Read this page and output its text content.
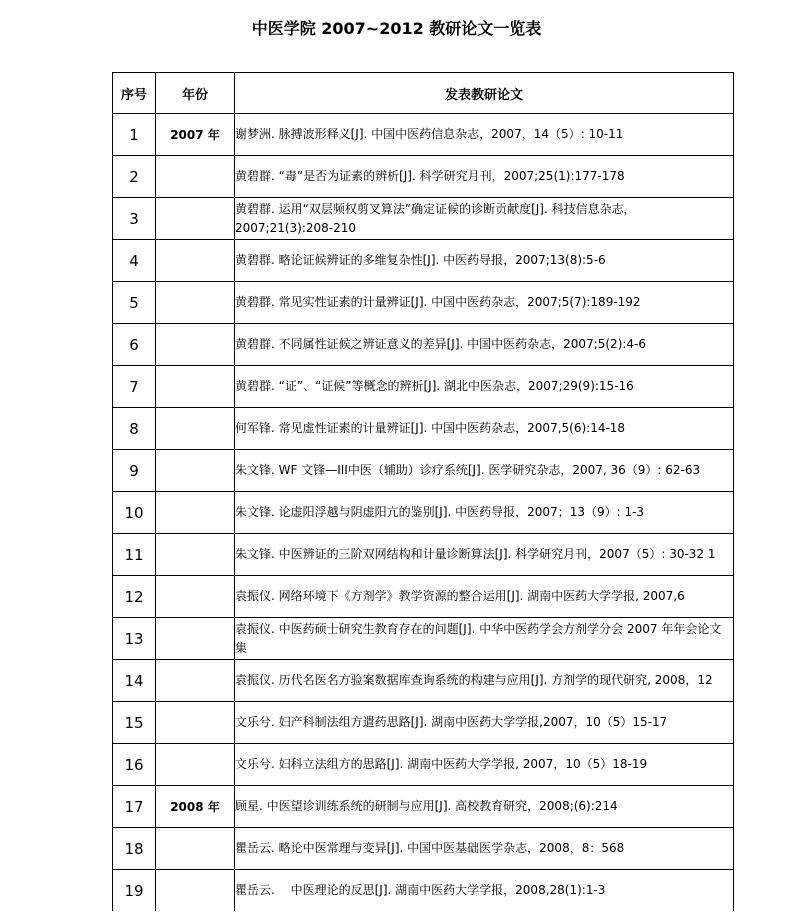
中医学院 2007~2012 教研论文一览表
序号	年份	发表教研论文
1	2007 年	谢梦洲. 脉搏波形释义[J]. 中国中医药信息杂志，2007，14（5）: 10-11
2		黄碧群. “毒”是否为证素的辨析[J]. 科学研究月刊，2007;25(1):177-178
3		黄碧群. 运用“双层频权剪叉算法”确定证候的诊断贡献度[J]. 科技信息杂志，2007;21(3):208-210
4		黄碧群. 略论证候辨证的多维复杂性[J]. 中医药导报，2007;13(8):5-6
5		黄碧群. 常见实性证素的计量辨证[J]. 中国中医药杂志，2007;5(7):189-192
6		黄碧群. 不同属性证候之辨证意义的差异[J]. 中国中医药杂志，2007;5(2):4-6
7		黄碧群. “证”、“证候”等概念的辨析[J]. 湖北中医杂志，2007;29(9):15-16
8		何军锋. 常见虚性证素的计量辨证[J]. 中国中医药杂志，2007,5(6):14-18
9		朱文锋. WF 文锋—III中医（辅助）诊疗系统[J]. 医学研究杂志，2007, 36（9）: 62-63
10		朱文锋. 论虚阳浮越与阴虚阳亢的鉴别[J]. 中医药导报，2007；13（9）: 1-3
11		朱文锋. 中医辨证的三阶双网结构和计量诊断算法[J]. 科学研究月刊，2007（5）: 30-32 1
12		袁振仪. 网络环境下《方剂学》教学资源的整合运用[J]. 湖南中医药大学学报, 2007,6
13		袁振仪. 中医药硕士研究生教育存在的问题[J]. 中华中医药学会方剂学分会 2007 年年会论文集
14		袁振仪. 历代名医名方验案数据库查询系统的构建与应用[J]. 方剂学的现代研究, 2008，12
15		文乐兮. 妇产科制法组方遣药思路[J]. 湖南中医药大学学报,2007，10（5）15-17
16		文乐兮. 妇科立法组方的思路[J]. 湖南中医药大学学报, 2007，10（5）18-19
17	2008 年	顾星. 中医望诊训练系统的研制与应用[J]. 高校教育研究，2008;(6):214
18		瞿岳云. 略论中医常理与变异[J]. 中国中医基础医学杂志，2008，8：568
19		瞿岳云.　 中医理论的反思[J]. 湖南中医药大学学报，2008,28(1):1-3
